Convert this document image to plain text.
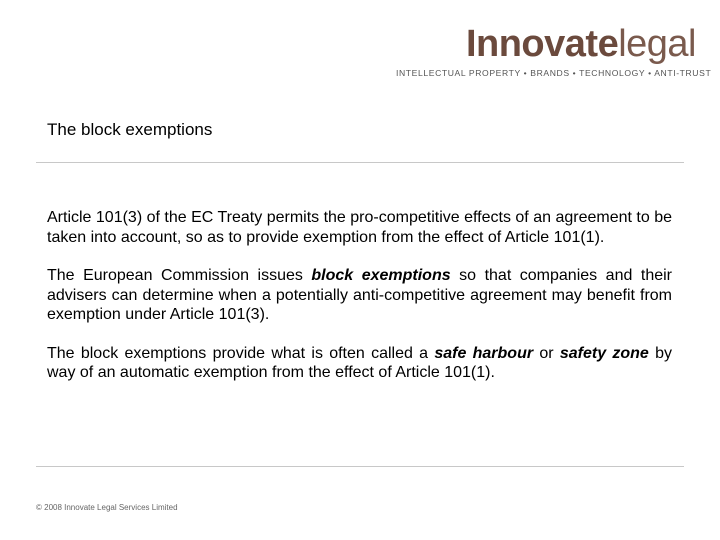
Innovatelegal
INTELLECTUAL PROPERTY • BRANDS • TECHNOLOGY • ANTI-TRUST
The block exemptions

Article 101(3) of the EC Treaty permits the pro-competitive effects of an agreement to be taken into account, so as to provide exemption from the effect of Article 101(1).

The European Commission issues block exemptions so that companies and their advisers can determine when a potentially anti-competitive agreement may benefit from exemption under Article 101(3).

The block exemptions provide what is often called a safe harbour or safety zone by way of an automatic exemption from the effect of Article 101(1).

© 2008 Innovate Legal Services Limited
